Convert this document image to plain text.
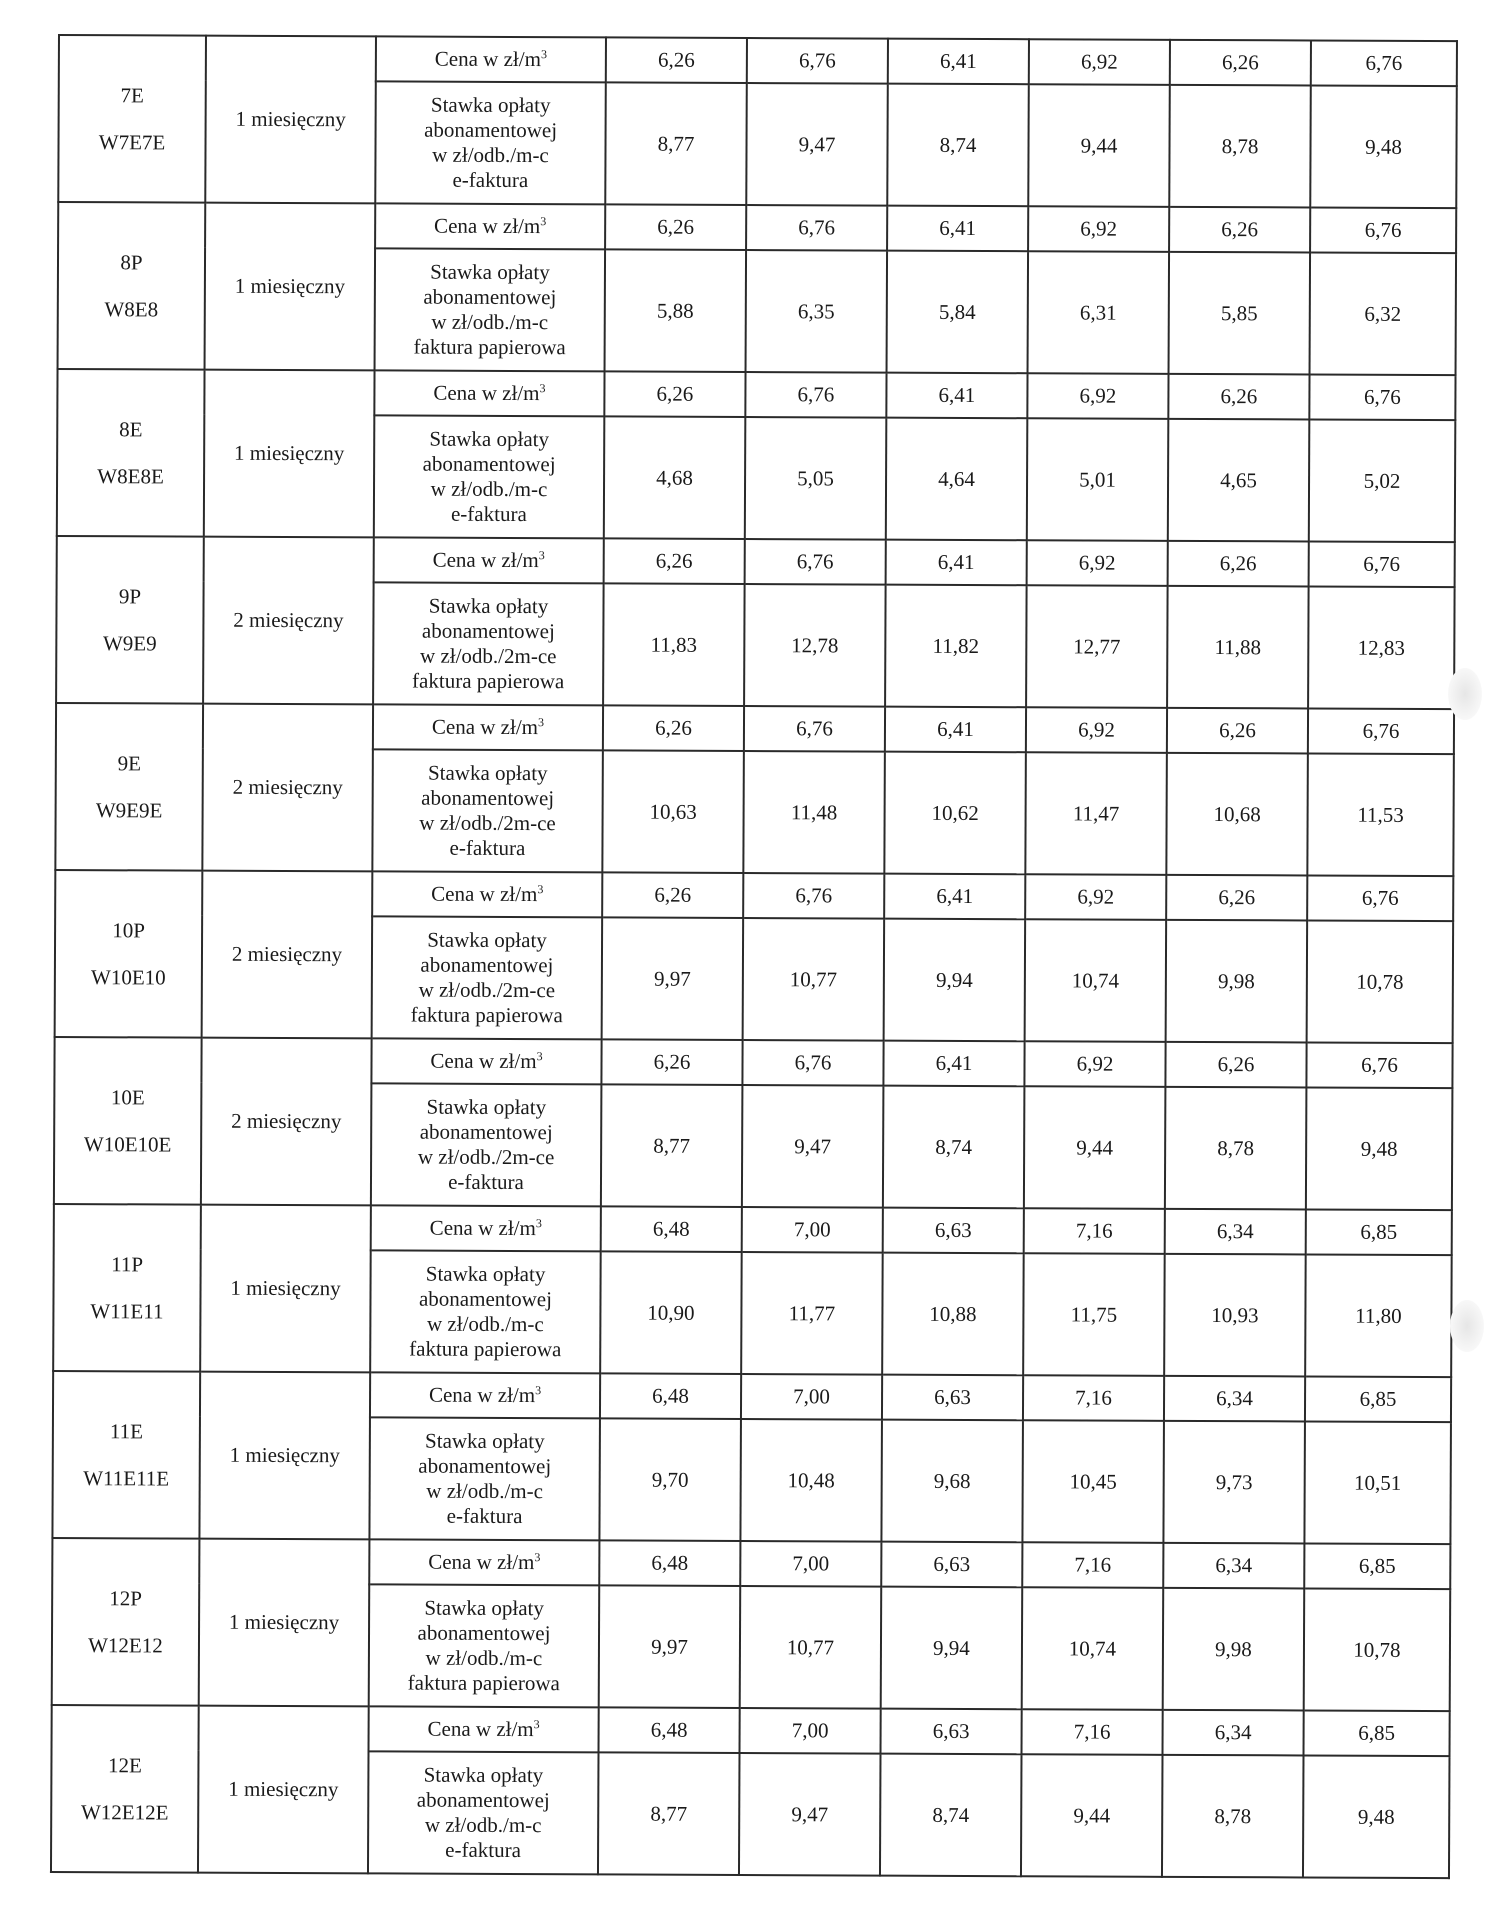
7E
W7E7E	1 miesięczny	Cena w $zł/m^3$	6,26	6,76	6,41	6,92	6,26	6,76

		Stawka opłaty
abonamentowej
w zł/odb./m-c
e-faktura	8,77	9,47	8,74	9,44	8,78	9,48

8P
W8E8	1 miesięczny	Cena w $zł/m^3$	6,26	6,76	6,41	6,92	6,26	6,76

		Stawka opłaty
abonamentowej
w zł/odb./m-c
faktura papierowa	5,88	6,35	5,84	6,31	5,85	6,32

8E
W8E8E	1 miesięczny	Cena w $zł/m^3$	6,26	6,76	6,41	6,92	6,26	6,76

		Stawka opłaty
abonamentowej
w zł/odb./m-c
e-faktura	4,68	5,05	4,64	5,01	4,65	5,02

9P
W9E9	2 miesięczny	Cena w $zł/m^3$	6,26	6,76	6,41	6,92	6,26	6,76

		Stawka opłaty
abonamentowej
w zł/odb./2m-ce
faktura papierowa	11,83	12,78	11,82	12,77	11,88	12,83

9E
W9E9E	2 miesięczny	Cena w $zł/m^3$	6,26	6,76	6,41	6,92	6,26	6,76

		Stawka opłaty
abonamentowej
w zł/odb./2m-ce
e-faktura	10,63	11,48	10,62	11,47	10,68	11,53

10P
W10E10	2 miesięczny	Cena w $zł/m^3$	6,26	6,76	6,41	6,92	6,26	6,76

		Stawka opłaty
abonamentowej
w zł/odb./2m-ce
faktura papierowa	9,97	10,77	9,94	10,74	9,98	10,78

10E
W10E10E	2 miesięczny	Cena w $zł/m^3$	6,26	6,76	6,41	6,92	6,26	6,76

		Stawka opłaty
abonamentowej
w zł/odb./2m-ce
e-faktura	8,77	9,47	8,74	9,44	8,78	9,48

11P
W11E11	1 miesięczny	Cena w $zł/m^3$	6,48	7,00	6,63	7,16	6,34	6,85

		Stawka opłaty
abonamentowej
w zł/odb./m-c
faktura papierowa	10,90	11,77	10,88	11,75	10,93	11,80

11E
W11E11E	1 miesięczny	Cena w $zł/m^3$	6,48	7,00	6,63	7,16	6,34	6,85

		Stawka opłaty
abonamentowej
w zł/odb./m-c
e-faktura	9,70	10,48	9,68	10,45	9,73	10,51

12P
W12E12	1 miesięczny	Cena w $zł/m^3$	6,48	7,00	6,63	7,16	6,34	6,85

		Stawka opłaty
abonamentowej
w zł/odb./m-c
faktura papierowa	9,97	10,77	9,94	10,74	9,98	10,78

12E
W12E12E	1 miesięczny	Cena w $zł/m^3$	6,48	7,00	6,63	7,16	6,34	6,85

		Stawka opłaty
abonamentowej
w zł/odb./m-c
e-faktura	8,77	9,47	8,74	9,44	8,78	9,48
